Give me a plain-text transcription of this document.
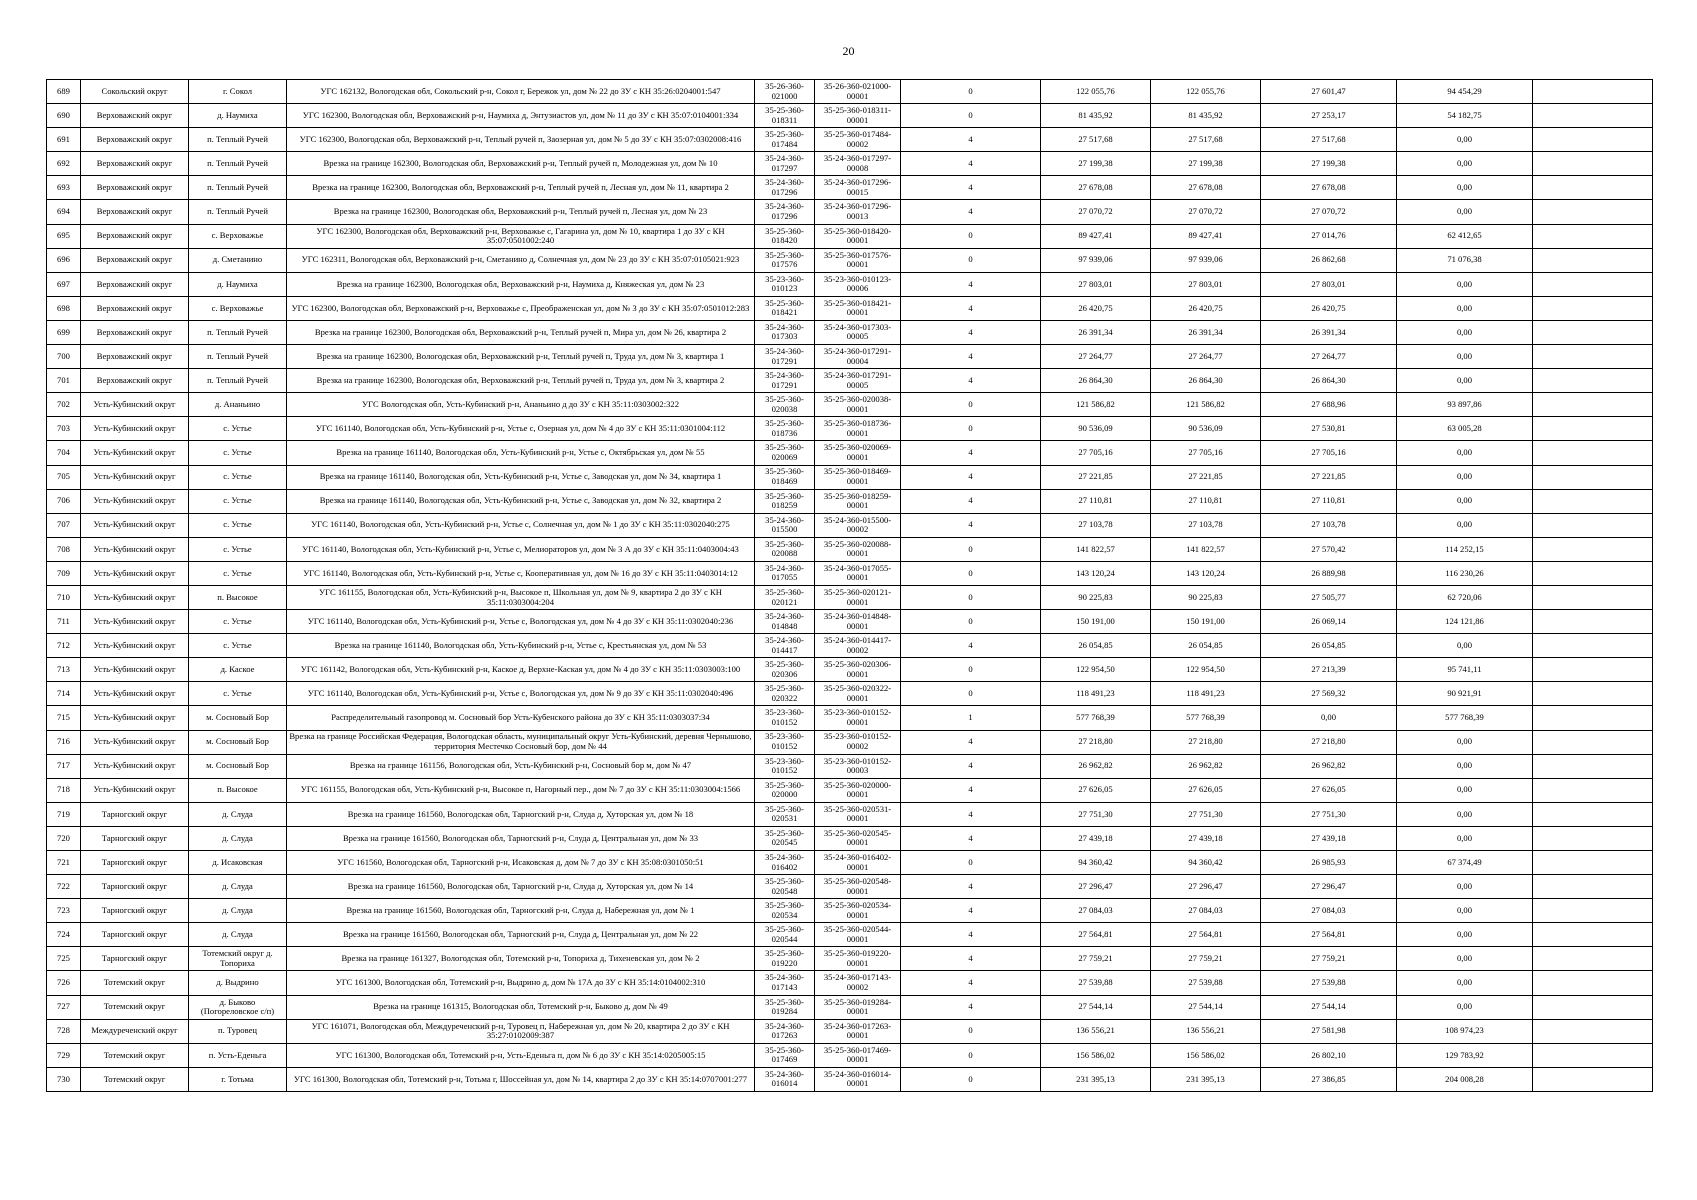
20
689	Сокольский округ	г. Сокол	УГС 162132, Вологодская обл, Сокольский р-н, Сокол г, Бережок ул, дом № 22 до ЗУ с КН 35:26:0204001:547	35-26-360-021000	35-26-360-021000-00001	0	122 055,76	122 055,76	27 601,47	94 454,29	
690	Верховажский округ	д. Наумиха	УГС 162300, Вологодская обл, Верховажский р-н, Наумиха д, Энтузиастов ул, дом № 11 до ЗУ с КН 35:07:0104001:334	35-25-360-018311	35-25-360-018311-00001	0	81 435,92	81 435,92	27 253,17	54 182,75	
691	Верховажский округ	п. Теплый Ручей	УГС 162300, Вологодская обл, Верховажский р-н, Теплый ручей п, Заозерная ул, дом № 5 до ЗУ с КН 35:07:0302008:416	35-25-360-017484	35-25-360-017484-00002	4	27 517,68	27 517,68	27 517,68	0,00	
692	Верховажский округ	п. Теплый Ручей	Врезка на границе 162300, Вологодская обл, Верховажский р-н, Теплый ручей п, Молодежная ул, дом № 10	35-24-360-017297	35-24-360-017297-00008	4	27 199,38	27 199,38	27 199,38	0,00	
693	Верховажский округ	п. Теплый Ручей	Врезка на границе 162300, Вологодская обл, Верховажский р-н, Теплый ручей п, Лесная ул, дом № 11, квартира 2	35-24-360-017296	35-24-360-017296-00015	4	27 678,08	27 678,08	27 678,08	0,00	
694	Верховажский округ	п. Теплый Ручей	Врезка на границе 162300, Вологодская обл, Верховажский р-н, Теплый ручей п, Лесная ул, дом № 23	35-24-360-017296	35-24-360-017296-00013	4	27 070,72	27 070,72	27 070,72	0,00	
695	Верховажский округ	с. Верховажье	УГС 162300, Вологодская обл, Верховажский р-н, Верховажье с, Гагарина ул, дом № 10, квартира 1 до ЗУ с КН 35:07:0501002:240	35-25-360-018420	35-25-360-018420-00001	0	89 427,41	89 427,41	27 014,76	62 412,65	
696	Верховажский округ	д. Сметанино	УГС 162311, Вологодская обл, Верховажский р-н, Сметанино д, Солнечная ул, дом № 23 до ЗУ с КН 35:07:0105021:923	35-25-360-017576	35-25-360-017576-00001	0	97 939,06	97 939,06	26 862,68	71 076,38	
697	Верховажский округ	д. Наумиха	Врезка на границе 162300, Вологодская обл, Верховажский р-н, Наумиха д, Княжеская ул, дом № 23	35-23-360-010123	35-23-360-010123-00006	4	27 803,01	27 803,01	27 803,01	0,00	
698	Верховажский округ	с. Верховажье	УГС 162300, Вологодская обл, Верховажский р-н, Верховажье с, Преображенская ул, дом № 3 до ЗУ с КН 35:07:0501012:283	35-25-360-018421	35-25-360-018421-00001	4	26 420,75	26 420,75	26 420,75	0,00	
699	Верховажский округ	п. Теплый Ручей	Врезка на границе 162300, Вологодская обл, Верховажский р-н, Теплый ручей п, Мира ул, дом № 26, квартира 2	35-24-360-017303	35-24-360-017303-00005	4	26 391,34	26 391,34	26 391,34	0,00	
700	Верховажский округ	п. Теплый Ручей	Врезка на границе 162300, Вологодская обл, Верховажский р-н, Теплый ручей п, Труда ул, дом № 3, квартира 1	35-24-360-017291	35-24-360-017291-00004	4	27 264,77	27 264,77	27 264,77	0,00	
701	Верховажский округ	п. Теплый Ручей	Врезка на границе 162300, Вологодская обл, Верховажский р-н, Теплый ручей п, Труда ул, дом № 3, квартира 2	35-24-360-017291	35-24-360-017291-00005	4	26 864,30	26 864,30	26 864,30	0,00	
702	Усть-Кубинский округ	д. Ананьино	УГС Вологодская обл, Усть-Кубинский р-н, Ананьино д до ЗУ с КН 35:11:0303002:322	35-25-360-020038	35-25-360-020038-00001	0	121 586,82	121 586,82	27 688,96	93 897,86	
703	Усть-Кубинский округ	с. Устье	УГС 161140, Вологодская обл, Усть-Кубинский р-н, Устье с, Озерная ул, дом № 4 до ЗУ с КН 35:11:0301004:112	35-25-360-018736	35-25-360-018736-00001	0	90 536,09	90 536,09	27 530,81	63 005,28	
704	Усть-Кубинский округ	с. Устье	Врезка на границе 161140, Вологодская обл, Усть-Кубинский р-н, Устье с, Октябрьская ул, дом № 55	35-25-360-020069	35-25-360-020069-00001	4	27 705,16	27 705,16	27 705,16	0,00	
705	Усть-Кубинский округ	с. Устье	Врезка на границе 161140, Вологодская обл, Усть-Кубинский р-н, Устье с, Заводская ул, дом № 34, квартира 1	35-25-360-018469	35-25-360-018469-00001	4	27 221,85	27 221,85	27 221,85	0,00	
706	Усть-Кубинский округ	с. Устье	Врезка на границе 161140, Вологодская обл, Усть-Кубинский р-н, Устье с, Заводская ул, дом № 32, квартира 2	35-25-360-018259	35-25-360-018259-00001	4	27 110,81	27 110,81	27 110,81	0,00	
707	Усть-Кубинский округ	с. Устье	УГС 161140, Вологодская обл, Усть-Кубинский р-н, Устье с, Солнечная ул, дом № 1 до ЗУ с КН 35:11:0302040:275	35-24-360-015500	35-24-360-015500-00002	4	27 103,78	27 103,78	27 103,78	0,00	
708	Усть-Кубинский округ	с. Устье	УГС 161140, Вологодская обл, Усть-Кубинский р-н, Устье с, Мелиораторов ул, дом № 3 А до ЗУ с КН 35:11:0403004:43	35-25-360-020088	35-25-360-020088-00001	0	141 822,57	141 822,57	27 570,42	114 252,15	
709	Усть-Кубинский округ	с. Устье	УГС 161140, Вологодская обл, Усть-Кубинский р-н, Устье с, Кооперативная ул, дом № 16 до ЗУ с КН 35:11:0403014:12	35-24-360-017055	35-24-360-017055-00001	0	143 120,24	143 120,24	26 889,98	116 230,26	
710	Усть-Кубинский округ	п. Высокое	УГС 161155, Вологодская обл, Усть-Кубинский р-н, Высокое п, Школьная ул, дом № 9, квартира 2 до ЗУ с КН 35:11:0303004:204	35-25-360-020121	35-25-360-020121-00001	0	90 225,83	90 225,83	27 505,77	62 720,06	
711	Усть-Кубинский округ	с. Устье	УГС 161140, Вологодская обл, Усть-Кубинский р-н, Устье с, Вологодская ул, дом № 4 до ЗУ с КН 35:11:0302040:236	35-24-360-014848	35-24-360-014848-00001	0	150 191,00	150 191,00	26 069,14	124 121,86	
712	Усть-Кубинский округ	с. Устье	Врезка на границе 161140, Вологодская обл, Усть-Кубинский р-н, Устье с, Крестьянская ул, дом № 53	35-24-360-014417	35-24-360-014417-00002	4	26 054,85	26 054,85	26 054,85	0,00	
713	Усть-Кубинский округ	д. Каское	УГС 161142, Вологодская обл, Усть-Кубинский р-н, Каское д, Верхне-Каская ул, дом № 4 до ЗУ с КН 35:11:0303003:100	35-25-360-020306	35-25-360-020306-00001	0	122 954,50	122 954,50	27 213,39	95 741,11	
714	Усть-Кубинский округ	с. Устье	УГС 161140, Вологодская обл, Усть-Кубинский р-н, Устье с, Вологодская ул, дом № 9 до ЗУ с КН 35:11:0302040:496	35-25-360-020322	35-25-360-020322-00001	0	118 491,23	118 491,23	27 569,32	90 921,91	
715	Усть-Кубинский округ	м. Сосновый Бор	Распределительный газопровод м. Сосновый бор Усть-Кубенского района до ЗУ с КН 35:11:0303037:34	35-23-360-010152	35-23-360-010152-00001	1	577 768,39	577 768,39	0,00	577 768,39	
716	Усть-Кубинский округ	м. Сосновый Бор	Врезка на границе Российская Федерация, Вологодская область, муниципальный округ Усть-Кубинский, деревня Чернышово, территория Местечко Сосновый бор, дом № 44	35-23-360-010152	35-23-360-010152-00002	4	27 218,80	27 218,80	27 218,80	0,00	
717	Усть-Кубинский округ	м. Сосновый Бор	Врезка на границе 161156, Вологодская обл, Усть-Кубинский р-н, Сосновый бор м, дом № 47	35-23-360-010152	35-23-360-010152-00003	4	26 962,82	26 962,82	26 962,82	0,00	
718	Усть-Кубинский округ	п. Высокое	УГС 161155, Вологодская обл, Усть-Кубинский р-н, Высокое п, Нагорный пер., дом № 7 до ЗУ с КН 35:11:0303004:1566	35-25-360-020000	35-25-360-020000-00001	4	27 626,05	27 626,05	27 626,05	0,00	
719	Тарногский округ	д. Слуда	Врезка на границе 161560, Вологодская обл, Тарногский р-н, Слуда д, Хуторская ул, дом № 18	35-25-360-020531	35-25-360-020531-00001	4	27 751,30	27 751,30	27 751,30	0,00	
720	Тарногский округ	д. Слуда	Врезка на границе 161560, Вологодская обл, Тарногский р-н, Слуда д, Центральная ул, дом № 33	35-25-360-020545	35-25-360-020545-00001	4	27 439,18	27 439,18	27 439,18	0,00	
721	Тарногский округ	д. Исаковская	УГС 161560, Вологодская обл, Тарногский р-н, Исаковская д, дом № 7 до ЗУ с КН 35:08:0301050:51	35-24-360-016402	35-24-360-016402-00001	0	94 360,42	94 360,42	26 985,93	67 374,49	
722	Тарногский округ	д. Слуда	Врезка на границе 161560, Вологодская обл, Тарногский р-н, Слуда д, Хуторская ул, дом № 14	35-25-360-020548	35-25-360-020548-00001	4	27 296,47	27 296,47	27 296,47	0,00	
723	Тарногский округ	д. Слуда	Врезка на границе 161560, Вологодская обл, Тарногский р-н, Слуда д, Набережная ул, дом № 1	35-25-360-020534	35-25-360-020534-00001	4	27 084,03	27 084,03	27 084,03	0,00	
724	Тарногский округ	д. Слуда	Врезка на границе 161560, Вологодская обл, Тарногский р-н, Слуда д, Центральная ул, дом № 22	35-25-360-020544	35-25-360-020544-00001	4	27 564,81	27 564,81	27 564,81	0,00	
725	Тарногский округ	Тотемский округ д. Топориха	Врезка на границе 161327, Вологодская обл, Тотемский р-н, Топориха д, Тихеневская ул, дом № 2	35-25-360-019220	35-25-360-019220-00001	4	27 759,21	27 759,21	27 759,21	0,00	
726	Тотемский округ	д. Выдрино	УГС 161300, Вологодская обл, Тотемский р-н, Выдрино д, дом № 17А до ЗУ с КН 35:14:0104002:310	35-24-360-017143	35-24-360-017143-00002	4	27 539,88	27 539,88	27 539,88	0,00	
727	Тотемский округ	д. Быково (Погореловское с/п)	Врезка на границе 161315, Вологодская обл, Тотемский р-н, Быково д, дом № 49	35-25-360-019284	35-25-360-019284-00001	4	27 544,14	27 544,14	27 544,14	0,00	
728	Междуреченский округ	п. Туровец	УГС 161071, Вологодская обл, Междуреченский р-н, Туровец п, Набережная ул, дом № 20, квартира 2 до ЗУ с КН 35:27:0102009:387	35-24-360-017263	35-24-360-017263-00001	0	136 556,21	136 556,21	27 581,98	108 974,23	
729	Тотемский округ	п. Усть-Еденьга	УГС 161300, Вологодская обл, Тотемский р-н, Усть-Еденьга п, дом № 6 до ЗУ с КН 35:14:0205005:15	35-25-360-017469	35-25-360-017469-00001	0	156 586,02	156 586,02	26 802,10	129 783,92	
730	Тотемский округ	г. Тотьма	УГС 161300, Вологодская обл, Тотемский р-н, Тотьма г, Шоссейная ул, дом № 14, квартира 2 до ЗУ с КН 35:14:0707001:277	35-24-360-016014	35-24-360-016014-00001	0	231 395,13	231 395,13	27 386,85	204 008,28	
